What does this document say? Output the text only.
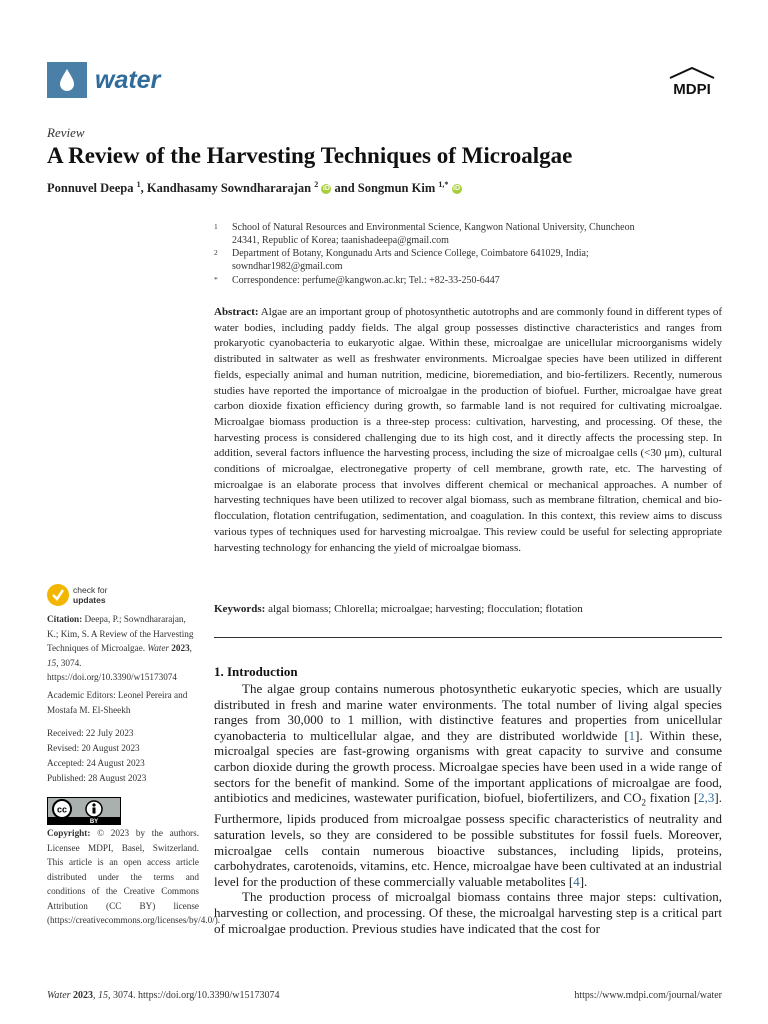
water	MDPI
Review
A Review of the Harvesting Techniques of Microalgae
Ponnuvel Deepa $^1$, Kandhasamy Sowndhararajan $^2$ iD and Songmun Kim $^{1,*}$ iD
1 School of Natural Resources and Environmental Science, Kangwon National University, Chuncheon 24341, Republic of Korea; taanishadeepa@gmail.com
2 Department of Botany, Kongunadu Arts and Science College, Coimbatore 641029, India; sowndhar1982@gmail.com
* Correspondence: perfume@kangwon.ac.kr; Tel.: +82-33-250-6447
Abstract: Algae are an important group of photosynthetic autotrophs and are commonly found in different types of water bodies, including paddy fields. The algal group possesses distinctive characteristics and ranges from prokaryotic cyanobacteria to eukaryotic algae. Within these, microalgae are unicellular microorganisms widely distributed in saltwater as well as freshwater environments. Microalgae species have been utilized in different fields, especially animal and human nutrition, medicine, bioremediation, and bio-fertilizers. Recently, numerous studies have reported the importance of microalgae in the production of biofuel. Further, microalgae have great carbon dioxide fixation efficiency during growth, so farmable land is not required for cultivating microalgae. Microalgae biomass production is a three-step process: cultivation, harvesting, and processing. Of these, the harvesting process is considered challenging due to its high cost, and it directly affects the processing step. In addition, several factors influence the harvesting process, including the size of microalgae cells (<30 μm), cultural conditions of microalgae, electronegative property of cell membrane, growth rate, etc. The harvesting of microalgae is an elaborate process that involves different chemical or mechanical approaches. A number of harvesting techniques have been utilized to recover algal biomass, such as membrane filtration, chemical and bio-flocculation, flotation centrifugation, sedimentation, and coagulation. In this context, this review aims to discuss various types of techniques used for harvesting microalgae. This review could be useful for selecting appropriate harvesting technology for enhancing the yield of microalgae biomass.
Keywords: algal biomass; Chlorella; microalgae; harvesting; flocculation; flotation
check for
updates
Citation: Deepa, P.; Sowndhararajan, K.; Kim, S. A Review of the Harvesting Techniques of Microalgae. Water 2023, 15, 3074. https://doi.org/10.3390/w15173074
Academic Editors: Leonel Pereira and Mostafa M. El-Sheekh
Received: 22 July 2023
Revised: 20 August 2023
Accepted: 24 August 2023
Published: 28 August 2023
cc
BY
Copyright: © 2023 by the authors. Licensee MDPI, Basel, Switzerland. This article is an open access article distributed under the terms and conditions of the Creative Commons Attribution (CC BY) license (https://creativecommons.org/licenses/by/4.0/).
1. Introduction

The algae group contains numerous photosynthetic eukaryotic species, which are usually distributed in fresh and marine water environments. The total number of living algal species ranges from 30,000 to 1 million, with distinctive features and properties from unicellular cyanobacteria to multicellular algae, and they are distributed worldwide [1]. Within these, microalgal species are fast-growing organisms with great capacity to survive and consume carbon dioxide during the growth process. Microalgae species have been used in a wide range of sectors for the benefit of mankind. Some of the important applications of microalgae are food, antibiotics and medicines, wastewater purification, biofuel, biofertilizers, and $CO_2$ fixation [2,3]. Furthermore, lipids produced from microalgae possess specific characteristics of neutrality and saturation levels, so they are considered to be possible substitutes for fossil fuels. Moreover, microalgae cells contain numerous bioactive substances, including lipids, proteins, carbohydrates, carotenoids, vitamins, etc. Hence, microalgae have been cultivated at an industrial level for the production of these commercially valuable metabolites [4].

The production process of microalgal biomass contains three major steps: cultivation, harvesting or collection, and processing. Of these, the microalgal harvesting step is a critical part of microalgae production. Previous studies have indicated that the cost for

Water 2023, 15, 3074. https://doi.org/10.3390/w15173074	https://www.mdpi.com/journal/water
